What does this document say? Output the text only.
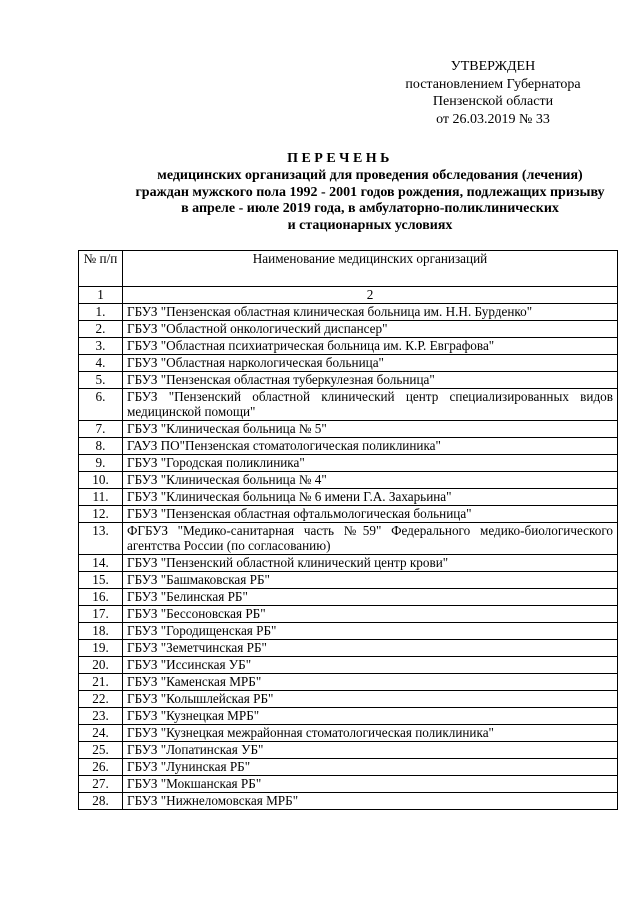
УТВЕРЖДЕН
постановлением Губернатора
Пензенской области
от 26.03.2019 № 33
ПЕРЕЧЕНЬ
медицинских организаций для проведения обследования (лечения)
граждан мужского пола 1992 - 2001 годов рождения, подлежащих призыву
в апреле - июле 2019 года, в амбулаторно-поликлинических
и стационарных условиях
№ п/п	Наименование медицинских организаций
1	2
1.	ГБУЗ "Пензенская областная клиническая больница им. Н.Н. Бурденко"
2.	ГБУЗ "Областной онкологический диспансер"
3.	ГБУЗ "Областная психиатрическая больница им. К.Р. Евграфова"
4.	ГБУЗ "Областная наркологическая больница"
5.	ГБУЗ "Пензенская областная туберкулезная больница"
6.	ГБУЗ "Пензенский областной клинический центр специализированных видов медицинской помощи"
7.	ГБУЗ "Клиническая больница № 5"
8.	ГАУЗ ПО"Пензенская стоматологическая поликлиника"
9.	ГБУЗ "Городская поликлиника"
10.	ГБУЗ "Клиническая больница № 4"
11.	ГБУЗ "Клиническая больница № 6 имени Г.А. Захарьина"
12.	ГБУЗ "Пензенская областная офтальмологическая больница"
13.	ФГБУЗ "Медико-санитарная часть №59" Федерального медико-биологического агентства России (по согласованию)
14.	ГБУЗ "Пензенский областной клинический центр крови"
15.	ГБУЗ "Башмаковская РБ"
16.	ГБУЗ "Белинская РБ"
17.	ГБУЗ "Бессоновская РБ"
18.	ГБУЗ "Городищенская РБ"
19.	ГБУЗ "Земетчинская РБ"
20.	ГБУЗ "Иссинская УБ"
21.	ГБУЗ "Каменская МРБ"
22.	ГБУЗ "Колышлейская РБ"
23.	ГБУЗ "Кузнецкая МРБ"
24.	ГБУЗ "Кузнецкая межрайонная стоматологическая поликлиника"
25.	ГБУЗ "Лопатинская УБ"
26.	ГБУЗ "Лунинская РБ"
27.	ГБУЗ "Мокшанская РБ"
28.	ГБУЗ "Нижнеломовская МРБ"
